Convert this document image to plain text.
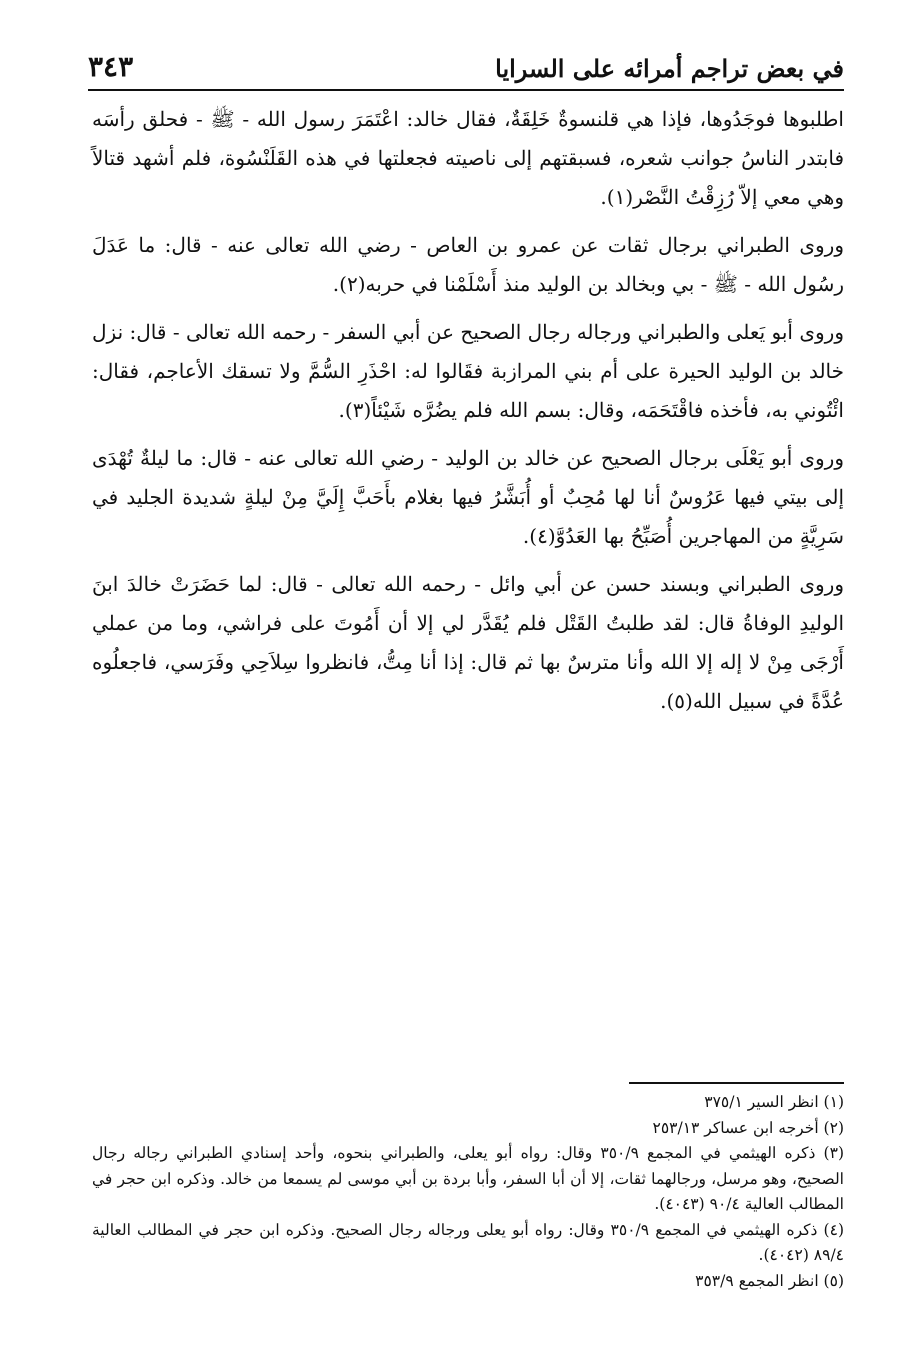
في بعض تراجم أمرائه على السرايا
٣٤٣

اطلبوها فوجَدُوها، فإذا هي قلنسوةٌ خَلِقَةٌ، فقال خالد: اعْتَمَرَ رسول الله - ﷺ - فحلق رأسَه فابتدر الناسُ جوانب شعره، فسبقتهم إلى ناصيته فجعلتها في هذه القَلَنْسُوة، فلم أشهد قتالاً وهي معي إلاّ رُزِقْتُ النَّصْر(١).

وروى الطبراني برجال ثقات عن عمرو بن العاص - رضي الله تعالى عنه - قال: ما عَدَلَ رسُول الله - ﷺ - بي وبخالد بن الوليد منذ أَسْلَمْنا في حربه(٢).

وروى أبو يَعلى والطبراني ورجاله رجال الصحيح عن أبي السفر - رحمه الله تعالى - قال: نزل خالد بن الوليد الحيرة على أم بني المرازبة فقَالوا له: احْذَرِ السُّمَّ ولا تسقك الأعاجم، فقال: ائْتُوني به، فأخذه فاقْتَحَمَه، وقال: بسم الله فلم يضُرَّه شَيْئاً(٣).

وروى أبو يَعْلَى برجال الصحيح عن خالد بن الوليد - رضي الله تعالى عنه - قال: ما ليلةٌ تُهْدَى إلى بيتي فيها عَرُوسٌ أنا لها مُحِبٌ أو أُبَشَّرُ فيها بغلام بأَحَبَّ إِلَيَّ مِنْ ليلةٍ شديدة الجليد في سَرِيَّةٍ من المهاجرين أُصَبِّحُ بها العَدُوَّ(٤).

وروى الطبراني وبسند حسن عن أبي وائل - رحمه الله تعالى - قال: لما حَضَرَتْ خالدَ ابنَ الوليدِ الوفاةُ قال: لقد طلبتُ القَتْل فلم يُقَدَّر لي إلا أن أَمُوتَ على فراشي، وما من عملي أَرْجَى مِنْ لا إله إلا الله وأنا مترسٌ بها ثم قال: إذا أنا مِتُّ، فانظروا سِلاَحِي وفَرَسي، فاجعلُوه عُدَّةً في سبيل الله(٥).

(١) انظر السير ٣٧٥/١

(٢) أخرجه ابن عساكر ٢٥٣/١٣

(٣) ذكره الهيثمي في المجمع ٣٥٠/٩ وقال: رواه أبو يعلى، والطبراني بنحوه، وأحد إسنادي الطبراني رجاله رجال الصحيح، وهو مرسل، ورجالهما ثقات، إلا أن أبا السفر، وأبا بردة بن أبي موسى لم يسمعا من خالد. وذكره ابن حجر في المطالب العالية ٩٠/٤ (٤٠٤٣).

(٤) ذكره الهيثمي في المجمع ٣٥٠/٩ وقال: رواه أبو يعلى ورجاله رجال الصحيح. وذكره ابن حجر في المطالب العالية ٨٩/٤ (٤٠٤٢).

(٥) انظر المجمع ٣٥٣/٩
